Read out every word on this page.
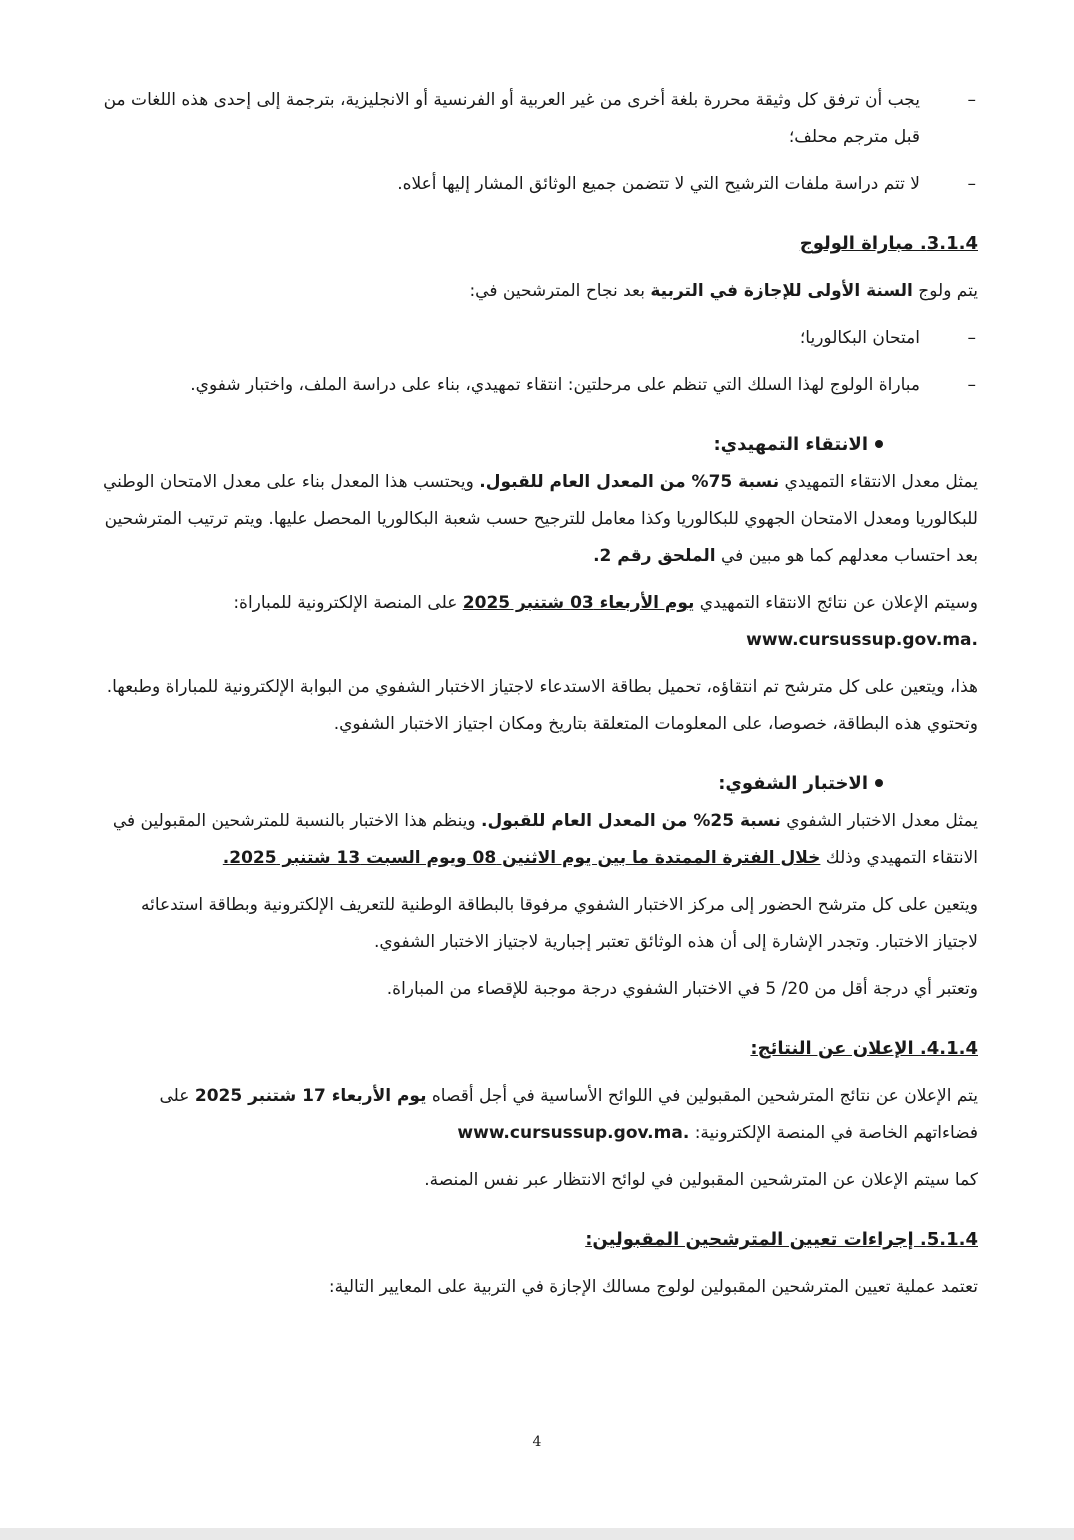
–
يجب أن ترفق كل وثيقة محررة بلغة أخرى من غير العربية أو الفرنسية أو الانجليزية، بترجمة إلى إحدى هذه اللغات من قبل مترجم محلف؛
–
لا تتم دراسة ملفات الترشيح التي لا تتضمن جميع الوثائق المشار إليها أعلاه.
3.1.4. مباراة الولوج

يتم ولوج السنة الأولى للإجازة في التربية بعد نجاح المترشحين في:

–
امتحان البكالوريا؛
–
مباراة الولوج لهذا السلك التي تنظم على مرحلتين: انتقاء تمهيدي، بناء على دراسة الملف، واختبار شفوي.
الانتقاء التمهيدي:

يمثل معدل الانتقاء التمهيدي نسبة 75% من المعدل العام للقبول. ويحتسب هذا المعدل بناء على معدل الامتحان الوطني للبكالوريا ومعدل الامتحان الجهوي للبكالوريا وكذا معامل للترجيح حسب شعبة البكالوريا المحصل عليها. ويتم ترتيب المترشحين بعد احتساب معدلهم كما هو مبين في الملحق رقم 2.

وسيتم الإعلان عن نتائج الانتقاء التمهيدي يوم الأربعاء 03 شتنبر 2025 على المنصة الإلكترونية للمباراة:

www.cursussup.gov.ma.

هذا، ويتعين على كل مترشح تم انتقاؤه، تحميل بطاقة الاستدعاء لاجتياز الاختبار الشفوي من البوابة الإلكترونية للمباراة وطبعها. وتحتوي هذه البطاقة، خصوصا، على المعلومات المتعلقة بتاريخ ومكان اجتياز الاختبار الشفوي.

الاختبار الشفوي:

يمثل معدل الاختبار الشفوي نسبة 25% من المعدل العام للقبول. وينظم هذا الاختبار بالنسبة للمترشحين المقبولين في الانتقاء التمهيدي وذلك خلال الفترة الممتدة ما بين يوم الاثنين 08 ويوم السبت 13 شتنبر 2025.

ويتعين على كل مترشح الحضور إلى مركز الاختبار الشفوي مرفوقا بالبطاقة الوطنية للتعريف الإلكترونية وبطاقة استدعائه لاجتياز الاختبار. وتجدر الإشارة إلى أن هذه الوثائق تعتبر إجبارية لاجتياز الاختبار الشفوي.

وتعتبر أي درجة أقل من 20/ 5 في الاختبار الشفوي درجة موجبة للإقصاء من المباراة.

4.1.4. الإعلان عن النتائج:

يتم الإعلان عن نتائج المترشحين المقبولين في اللوائح الأساسية في أجل أقصاه يوم الأربعاء 17 شتنبر 2025 على فضاءاتهم الخاصة في المنصة الإلكترونية: www.cursussup.gov.ma.

كما سيتم الإعلان عن المترشحين المقبولين في لوائح الانتظار عبر نفس المنصة.

5.1.4. إجراءات تعيين المترشحين المقبولين:

تعتمد عملية تعيين المترشحين المقبولين لولوج مسالك الإجازة في التربية على المعايير التالية:

4
